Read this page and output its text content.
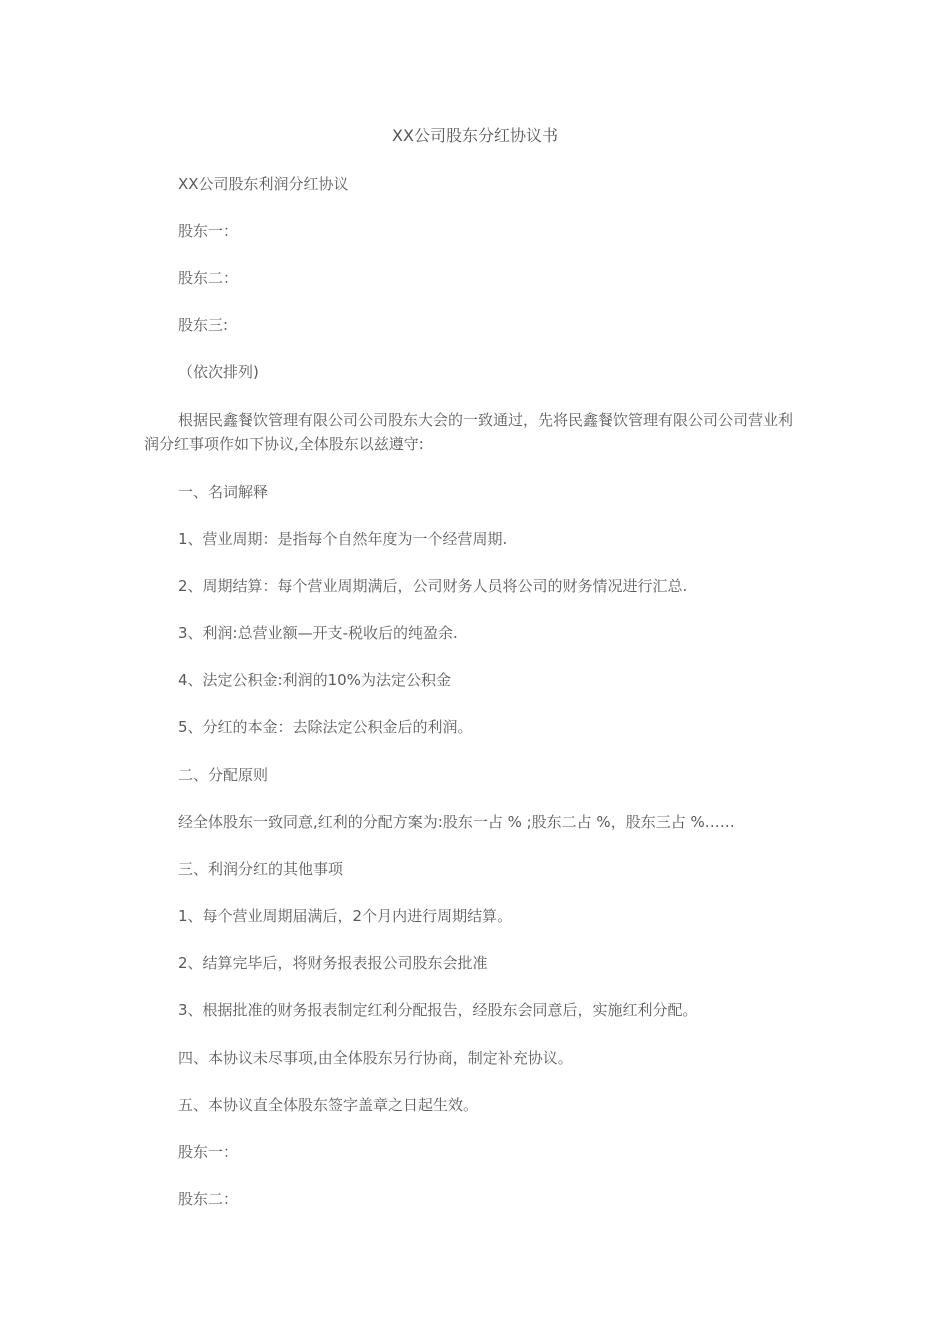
XX公司股东分红协议书
XX公司股东利润分红协议
股东一：
股东二：
股东三:
（依次排列)
根据民鑫餐饮管理有限公司公司股东大会的一致通过，先将民鑫餐饮管理有限公司公司营业利润分红事项作如下协议,全体股东以兹遵守:
一、名词解释
1、营业周期：是指每个自然年度为一个经营周期.
2、周期结算：每个营业周期满后，公司财务人员将公司的财务情况进行汇总.
3、利润:总营业额—开支-税收后的纯盈余.
4、法定公积金:利润的10%为法定公积金
5、分红的本金：去除法定公积金后的利润。
二、分配原则
经全体股东一致同意,红利的分配方案为:股东一占 % ;股东二占 %，股东三占 %……
三、利润分红的其他事项
1、每个营业周期届满后，2个月内进行周期结算。
2、结算完毕后，将财务报表报公司股东会批准
3、根据批准的财务报表制定红利分配报告，经股东会同意后，实施红利分配。
四、本协议未尽事项,由全体股东另行协商，制定补充协议。
五、本协议直全体股东签字盖章之日起生效。
股东一：
股东二：
